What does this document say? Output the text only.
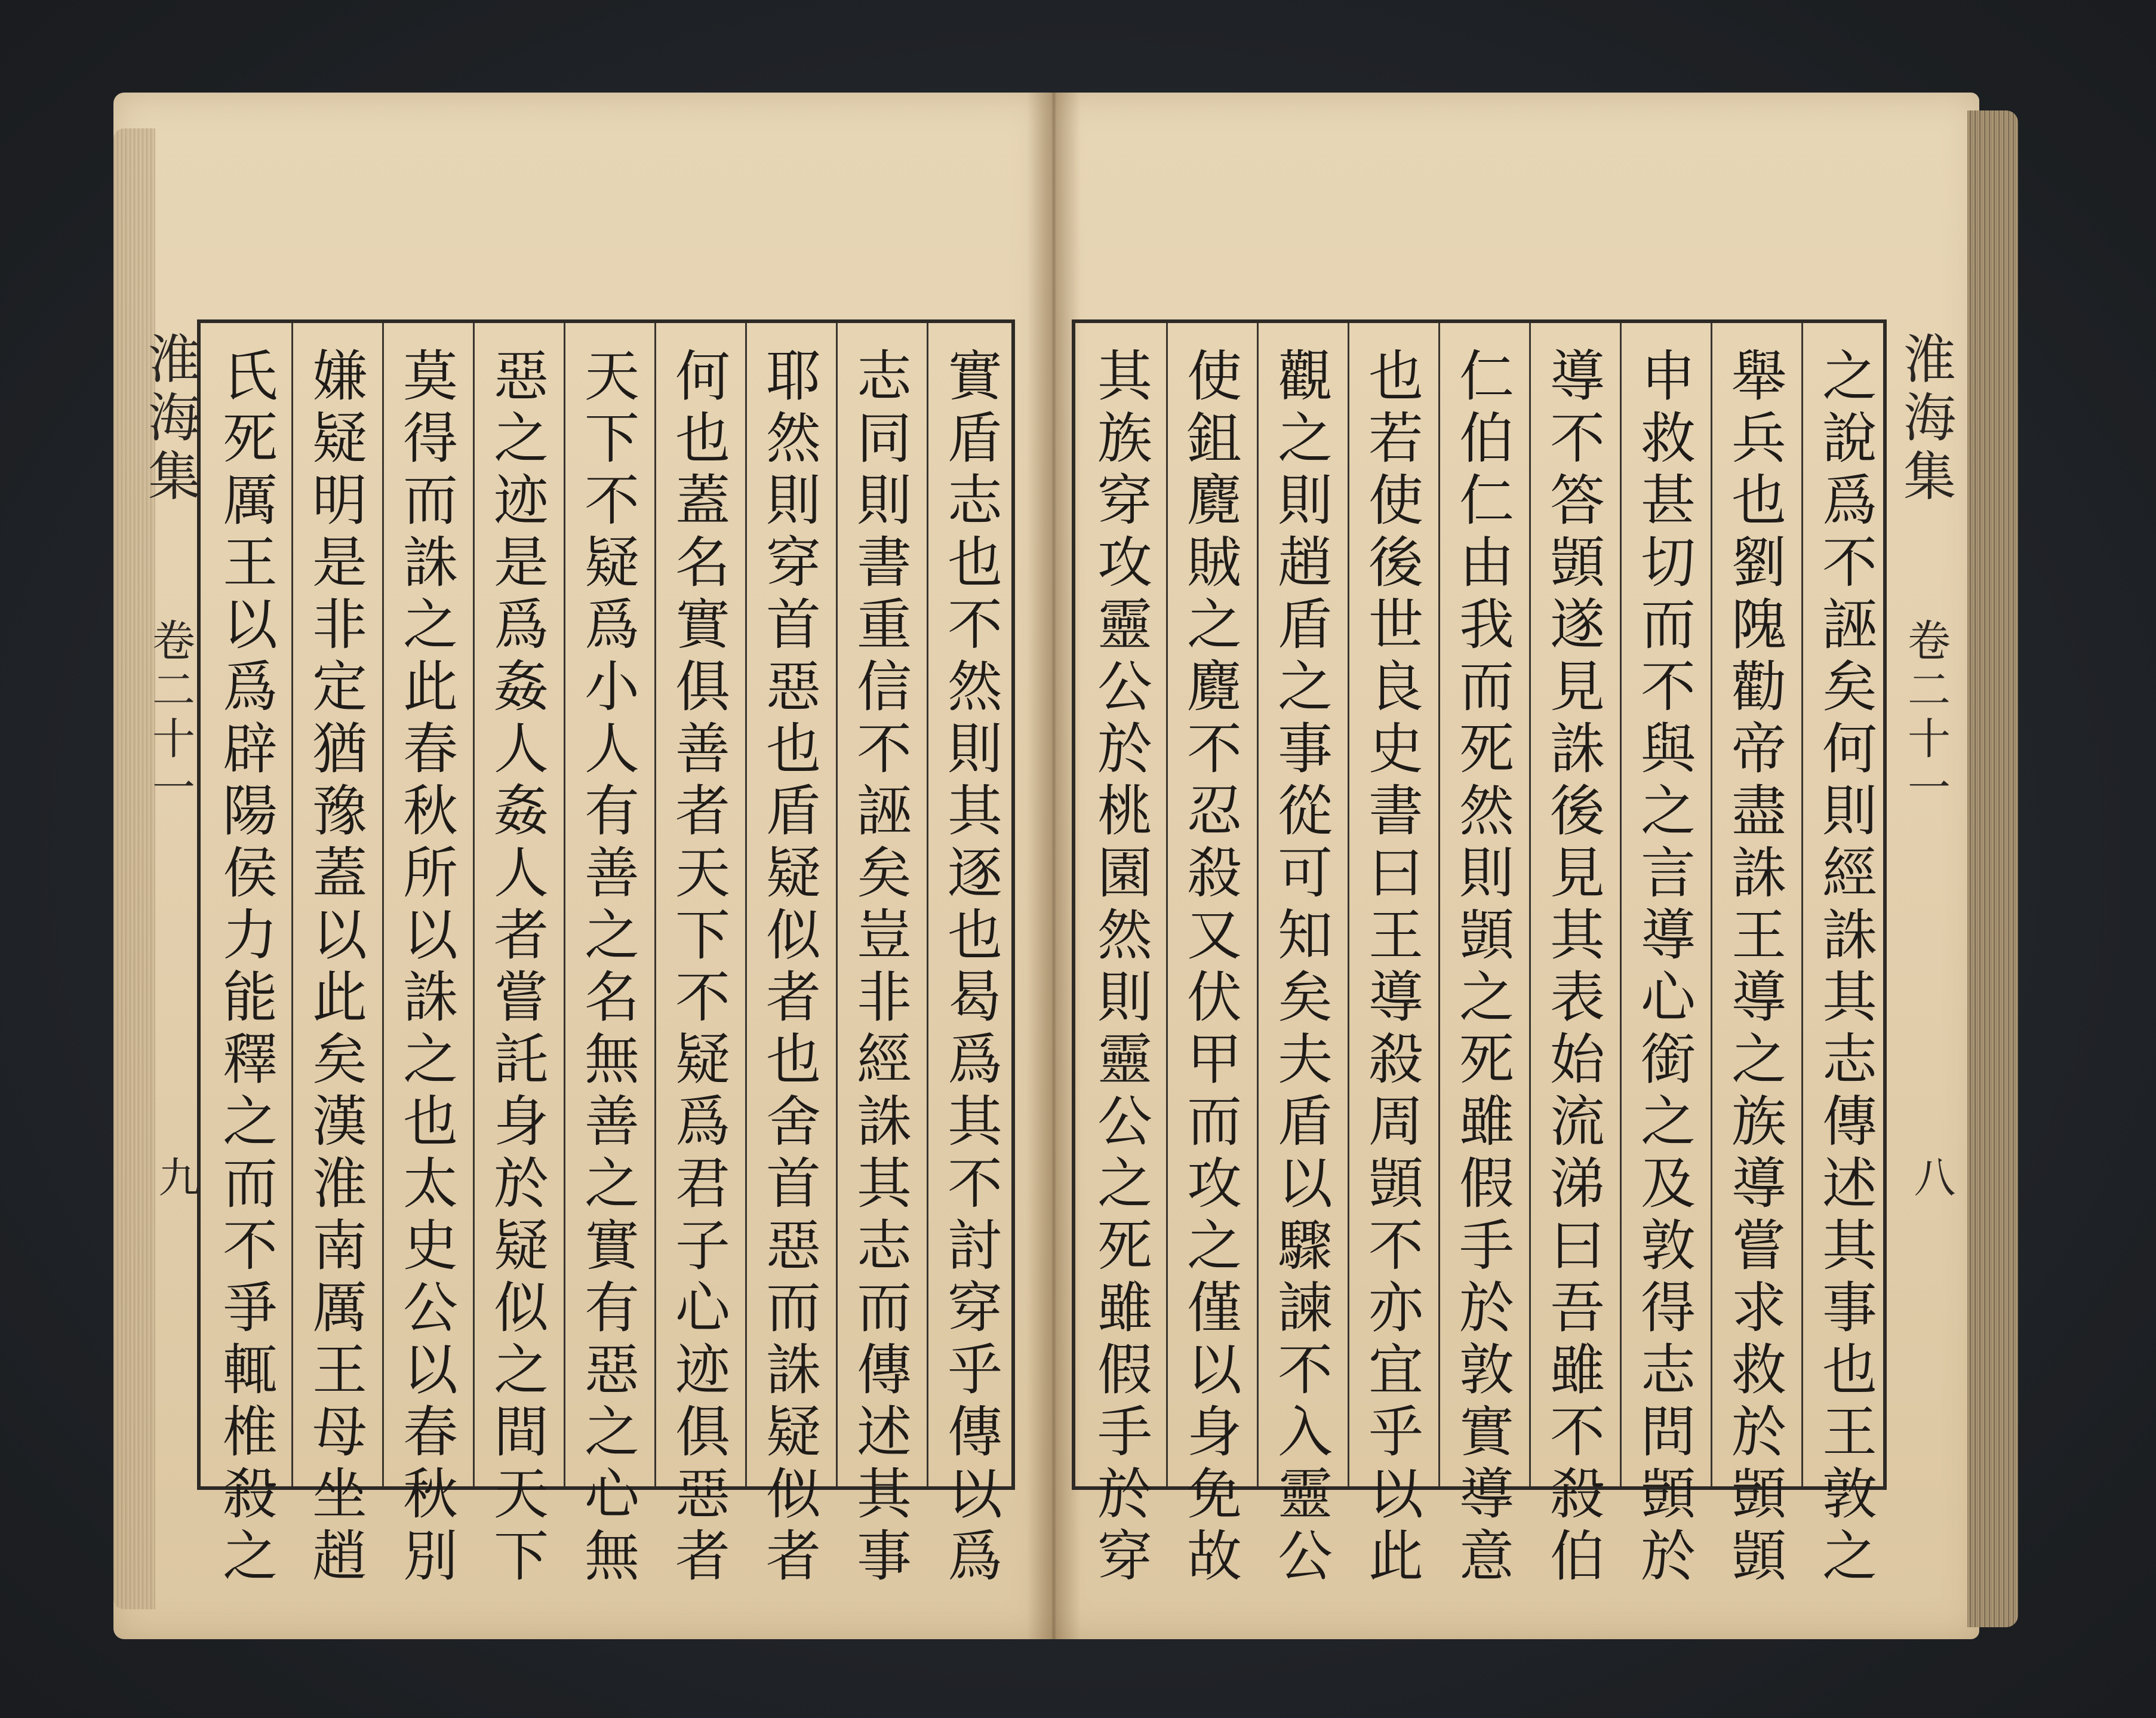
實盾志也不然則其逐也曷爲其不討穿乎傳以爲
志同則書重信不誣矣豈非經誅其志而傳述其事
耶然則穿首惡也盾疑似者也舍首惡而誅疑似者
何也蓋名實俱善者天下不疑爲君子心迹俱惡者
天下不疑爲小人有善之名無善之實有惡之心無
惡之迹是爲姦人姦人者嘗託身於疑似之間天下
莫得而誅之此春秋所以誅之也太史公以春秋別
嫌疑明是非定猶豫蓋以此矣漢淮南厲王母坐趙
氏死厲王以爲辟陽侯力能釋之而不爭輒椎殺之
淮海集
卷二十一
九	之說爲不誣矣何則經誅其志傳述其事也王敦之
舉兵也劉隗勸帝盡誅王導之族導嘗求救於顗顗
申救甚切而不與之言導心銜之及敦得志問顗於
導不答顗遂見誅後見其表始流涕曰吾雖不殺伯
仁伯仁由我而死然則顗之死雖假手於敦實導意
也若使後世良史書曰王導殺周顗不亦宜乎以此
觀之則趙盾之事從可知矣夫盾以驟諫不入靈公
使鉏麑賊之麑不忍殺又伏甲而攻之僅以身免故
其族穿攻靈公於桃園然則靈公之死雖假手於穿	淮海集
卷二十一
八
